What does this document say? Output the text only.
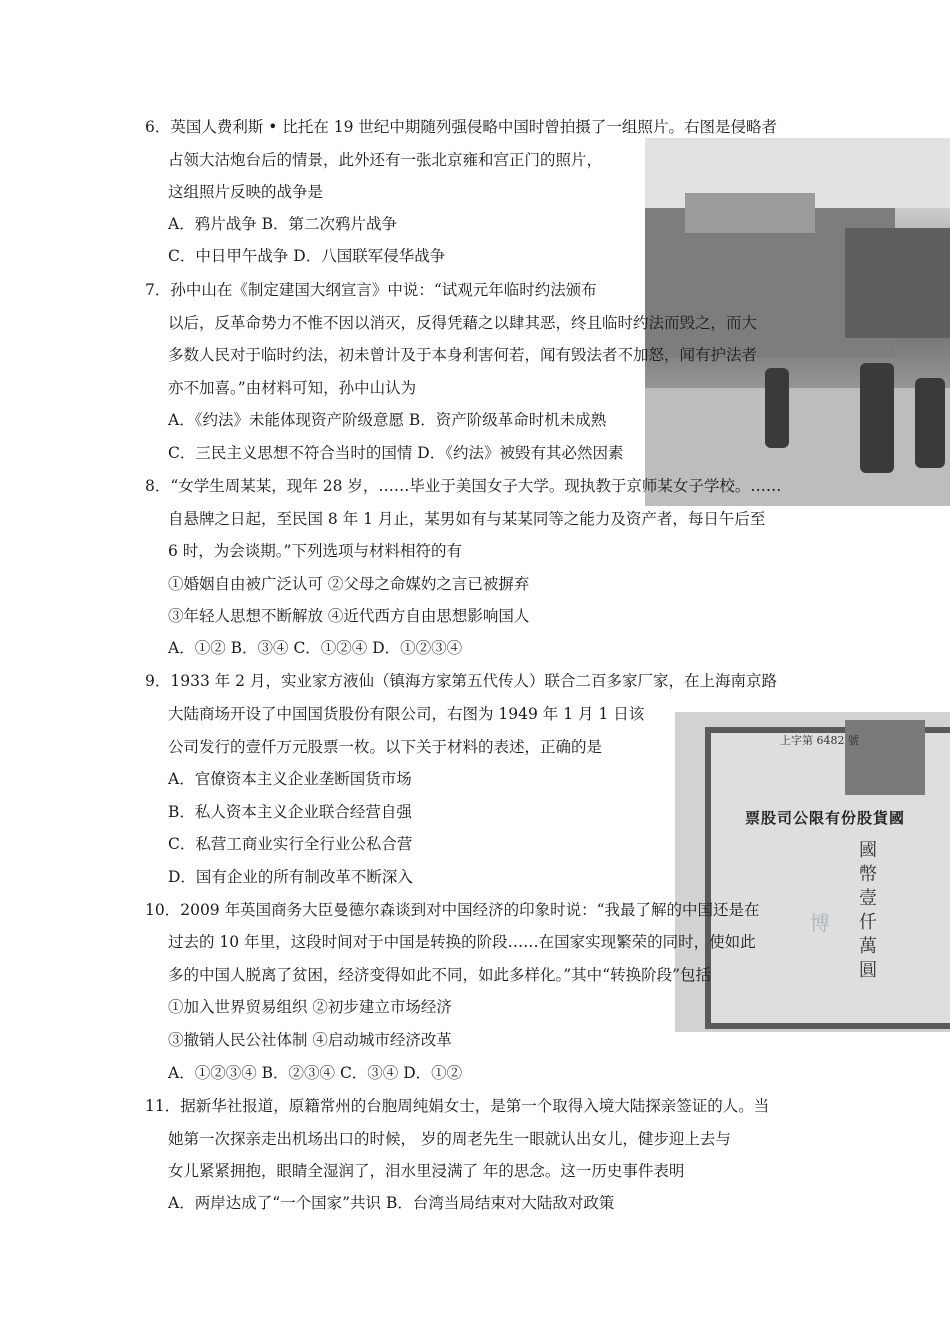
上字第 6482 號
票股司公限有份股貨國
國幣壹仟萬圓
博
6．英国人费利斯 • 比托在 19 世纪中期随列强侵略中国时曾拍摄了一组照片。右图是侵略者
占领大沽炮台后的情景，此外还有一张北京雍和宫正门的照片，
这组照片反映的战争是
A．鸦片战争 B．第二次鸦片战争
C．中日甲午战争 D．八国联军侵华战争
7．孙中山在《制定建国大纲宣言》中说：“试观元年临时约法颁布
以后，反革命势力不惟不因以消灭，反得凭藉之以肆其恶，终且临时约法而毁之，而大
多数人民对于临时约法，初未曾计及于本身利害何若，闻有毁法者不加怒，闻有护法者
亦不加喜。”由材料可知，孙中山认为
A．《约法》未能体现资产阶级意愿 B．资产阶级革命时机未成熟
C．三民主义思想不符合当时的国情 D．《约法》被毁有其必然因素
8．“女学生周某某，现年 28 岁，……毕业于美国女子大学。现执教于京师某女子学校。……
自悬牌之日起，至民国 8 年 1 月止，某男如有与某某同等之能力及资产者，每日午后至
6 时，为会谈期。”下列选项与材料相符的有
①婚姻自由被广泛认可 ②父母之命媒妁之言已被摒弃
③年轻人思想不断解放 ④近代西方自由思想影响国人
A．①② B．③④ C．①②④ D．①②③④
9．1933 年 2 月，实业家方液仙（镇海方家第五代传人）联合二百多家厂家，在上海南京路
大陆商场开设了中国国货股份有限公司，右图为 1949 年 1 月 1 日该
公司发行的壹仟万元股票一枚。以下关于材料的表述，正确的是
A．官僚资本主义企业垄断国货市场
B．私人资本主义企业联合经营自强
C．私营工商业实行全行业公私合营
D．国有企业的所有制改革不断深入
10．2009 年英国商务大臣曼德尔森谈到对中国经济的印象时说：“我最了解的中国还是在
过去的 10 年里，这段时间对于中国是转换的阶段……在国家实现繁荣的同时，使如此
多的中国人脱离了贫困，经济变得如此不同，如此多样化。”其中“转换阶段”包括
①加入世界贸易组织 ②初步建立市场经济
③撤销人民公社体制 ④启动城市经济改革
A．①②③④ B．②③④ C．③④ D．①②
11．据新华社报道，原籍常州的台胞周纯娟女士，是第一个取得入境大陆探亲签证的人。当
她第一次探亲走出机场出口的时候， 岁的周老先生一眼就认出女儿，健步迎上去与
女儿紧紧拥抱，眼睛全湿润了，泪水里浸满了 年的思念。这一历史事件表明
A．两岸达成了“一个国家”共识 B．台湾当局结束对大陆敌对政策
